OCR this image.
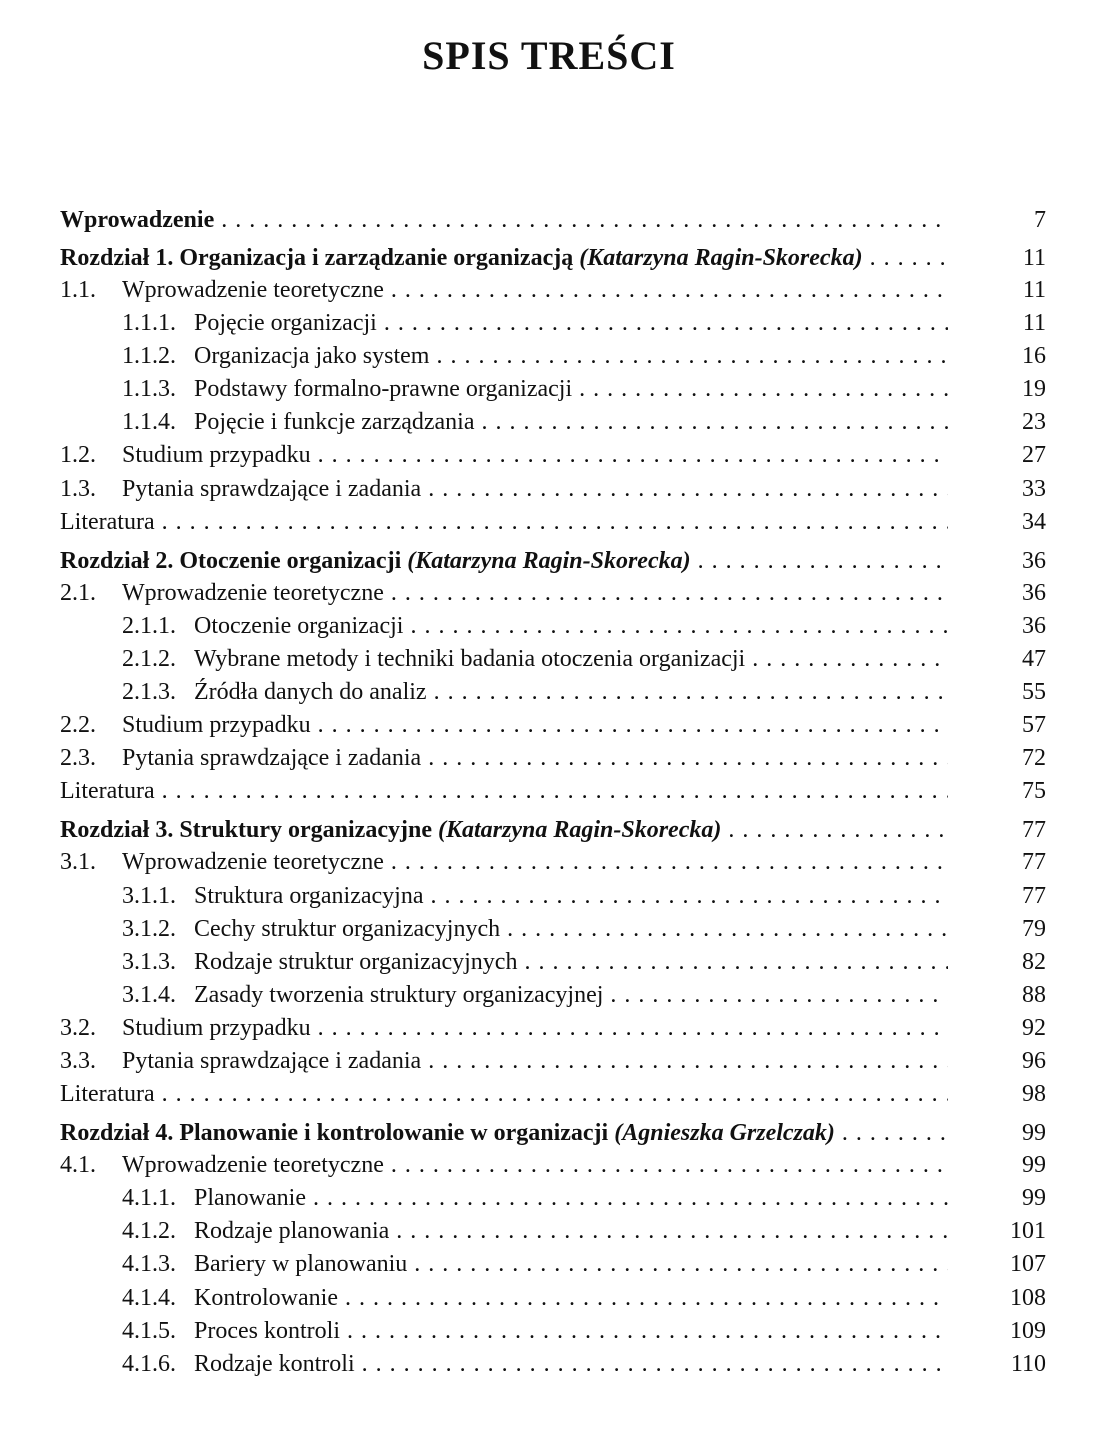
SPIS TREŚCI
Wprowadzenie . . .	7
Rozdział 1. Organizacja i zarządzanie organizacją (Katarzyna Ragin-Skorecka) . . .	11
1.1. Wprowadzenie teoretyczne . . .	11
1.1.1. Pojęcie organizacji . . .	11
1.1.2. Organizacja jako system . . .	16
1.1.3. Podstawy formalno-prawne organizacji . . .	19
1.1.4. Pojęcie i funkcje zarządzania . . .	23
1.2. Studium przypadku . . .	27
1.3. Pytania sprawdzające i zadania . . .	33
Literatura . . .	34
Rozdział 2. Otoczenie organizacji (Katarzyna Ragin-Skorecka) . . .	36
2.1. Wprowadzenie teoretyczne . . .	36
2.1.1. Otoczenie organizacji . . .	36
2.1.2. Wybrane metody i techniki badania otoczenia organizacji . . .	47
2.1.3. Źródła danych do analiz . . .	55
2.2. Studium przypadku . . .	57
2.3. Pytania sprawdzające i zadania . . .	72
Literatura . . .	75
Rozdział 3. Struktury organizacyjne (Katarzyna Ragin-Skorecka) . . .	77
3.1. Wprowadzenie teoretyczne . . .	77
3.1.1. Struktura organizacyjna . . .	77
3.1.2. Cechy struktur organizacyjnych . . .	79
3.1.3. Rodzaje struktur organizacyjnych . . .	82
3.1.4. Zasady tworzenia struktury organizacyjnej . . .	88
3.2. Studium przypadku . . .	92
3.3. Pytania sprawdzające i zadania . . .	96
Literatura . . .	98
Rozdział 4. Planowanie i kontrolowanie w organizacji (Agnieszka Grzelczak) . . .	99
4.1. Wprowadzenie teoretyczne . . .	99
4.1.1. Planowanie . . .	99
4.1.2. Rodzaje planowania . . .	101
4.1.3. Bariery w planowaniu . . .	107
4.1.4. Kontrolowanie . . .	108
4.1.5. Proces kontroli . . .	109
4.1.6. Rodzaje kontroli . . .	110
